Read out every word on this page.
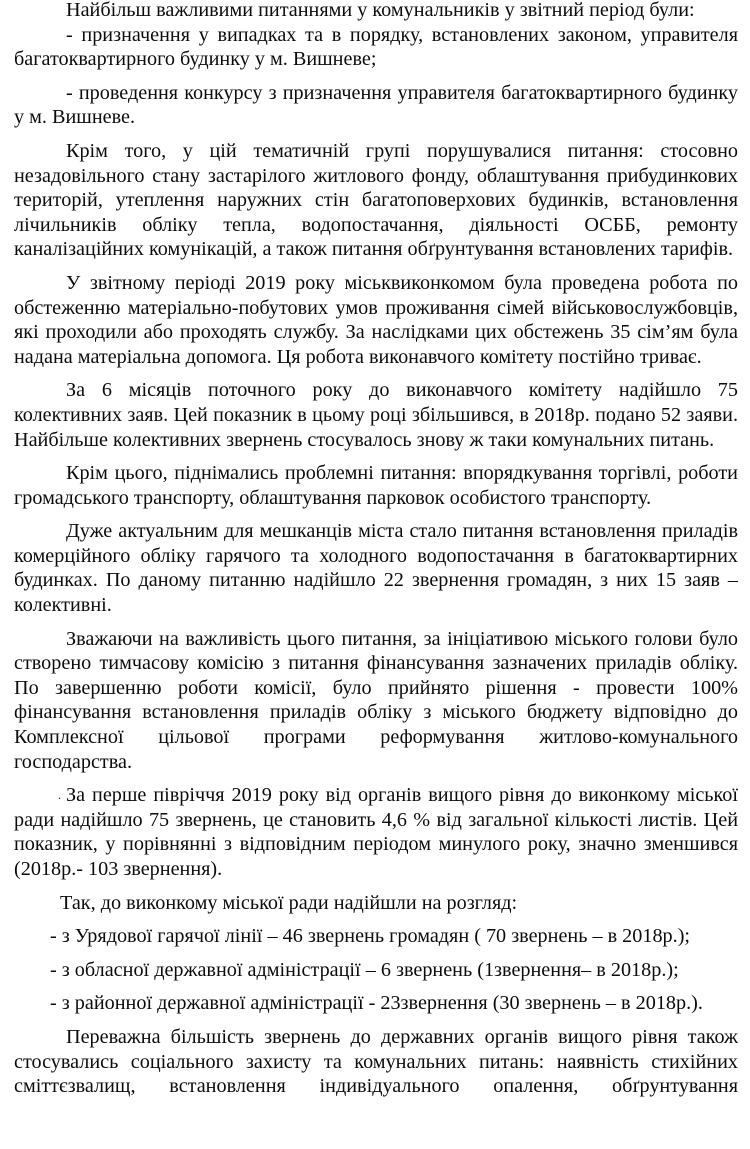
Найбільш важливими питаннями у комунальників у звітний період були:

- призначення у випадках та в порядку, встановлених законом, управителя багатоквартирного будинку у м. Вишневе;

- проведення конкурсу з призначення управителя багатоквартирного будинку у м. Вишневе.

Крім того, у цій тематичній групі порушувалися питання: стосовно незадовільного стану застарілого житлового фонду, облаштування прибудинкових територій, утеплення наружних стін багатоповерхових будинків, встановлення лічильників обліку тепла, водопостачання, діяльності ОСББ, ремонту каналізаційних комунікацій, а також питання обґрунтування встановлених тарифів.

У звітному періоді 2019 року міськвиконкомом була проведена робота по обстеженню матеріально-побутових умов проживання сімей військовослужбовців, які проходили або проходять службу. За наслідками цих обстежень 35 сім’ям була надана матеріальна допомога. Ця робота виконавчого комітету постійно триває.

За 6 місяців поточного року до виконавчого комітету надійшло 75 колективних заяв. Цей показник в цьому році збільшився, в 2018р. подано 52 заяви. Найбільше колективних звернень стосувалось знову ж таки комунальних питань.

Крім цього, піднімались проблемні питання: впорядкування торгівлі, роботи громадського транспорту, облаштування парковок особистого транспорту.

Дуже актуальним для мешканців міста стало питання встановлення приладів комерційного обліку гарячого та холодного водопостачання в багатоквартирних будинках. По даному питанню надійшло 22 звернення громадян, з них 15 заяв – колективні.

Зважаючи на важливість цього питання, за ініціативою міського голови було створено тимчасову комісію з питання фінансування зазначених приладів обліку. По завершенню роботи комісії, було прийнято рішення - провести 100% фінансування встановлення приладів обліку з міського бюджету відповідно до Комплексної цільової програми реформування житлово-комунального господарства.

. За перше півріччя 2019 року від органів вищого рівня до виконкому міської ради надійшло 75 звернень, це становить 4,6 % від загальної кількості листів. Цей показник, у порівнянні з відповідним періодом минулого року, значно зменшився (2018р.- 103 звернення).

Так, до виконкому міської ради надійшли на розгляд:

- з Урядової гарячої лінії – 46 звернень громадян ( 70 звернень – в 2018р.);

- з обласної державної адміністрації – 6 звернень (1звернення– в 2018р.);

- з районної державної адміністрації - 23звернення (30 звернень – в 2018р.).

Переважна більшість звернень до державних органів вищого рівня також стосувались соціального захисту та комунальних питань: наявність стихійних сміттєзвалищ, встановлення індивідуального опалення, обґрунтування
